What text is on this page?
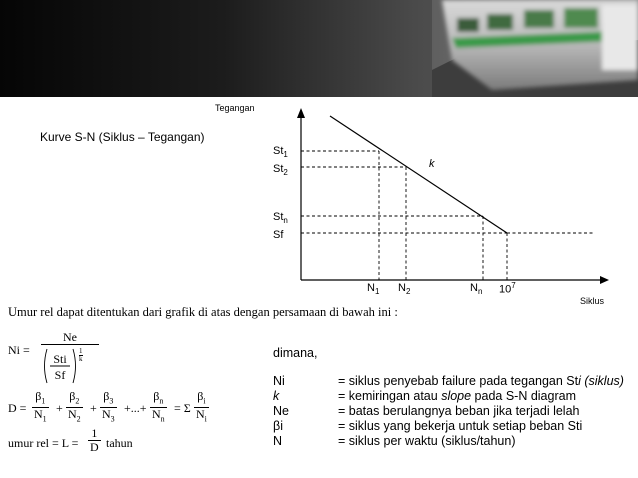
Tegangan
Siklus
k
$St_1$
$St_2$
$St_n$
Sf
$N_1$ $N_2$	$N_n$ $10^7$
Kurve S-N (Siklus – Tegangan)
Umur rel dapat ditentukan dari grafik di atas dengan persamaan di bawah ini :
Ni =
Ne
Sti
Sf
1
k
$D = \frac{\beta_1}{N_1} + \frac{\beta_2}{N_2} + \frac{\beta_3}{N_3}$ +...+ $\frac{\beta_n}{N_n} = \Sigma \frac{\beta_i}{N_i}$
umur rel = $L = \frac{1}{D}$ tahun
dimana,
Ni	= siklus penyebab failure pada tegangan Sti (siklus)
k	= kemiringan atau slope pada S-N diagram
Ne	= batas berulangnya beban jika terjadi lelah
βi	= siklus yang bekerja untuk setiap beban Sti
N	= siklus per waktu (siklus/tahun)
